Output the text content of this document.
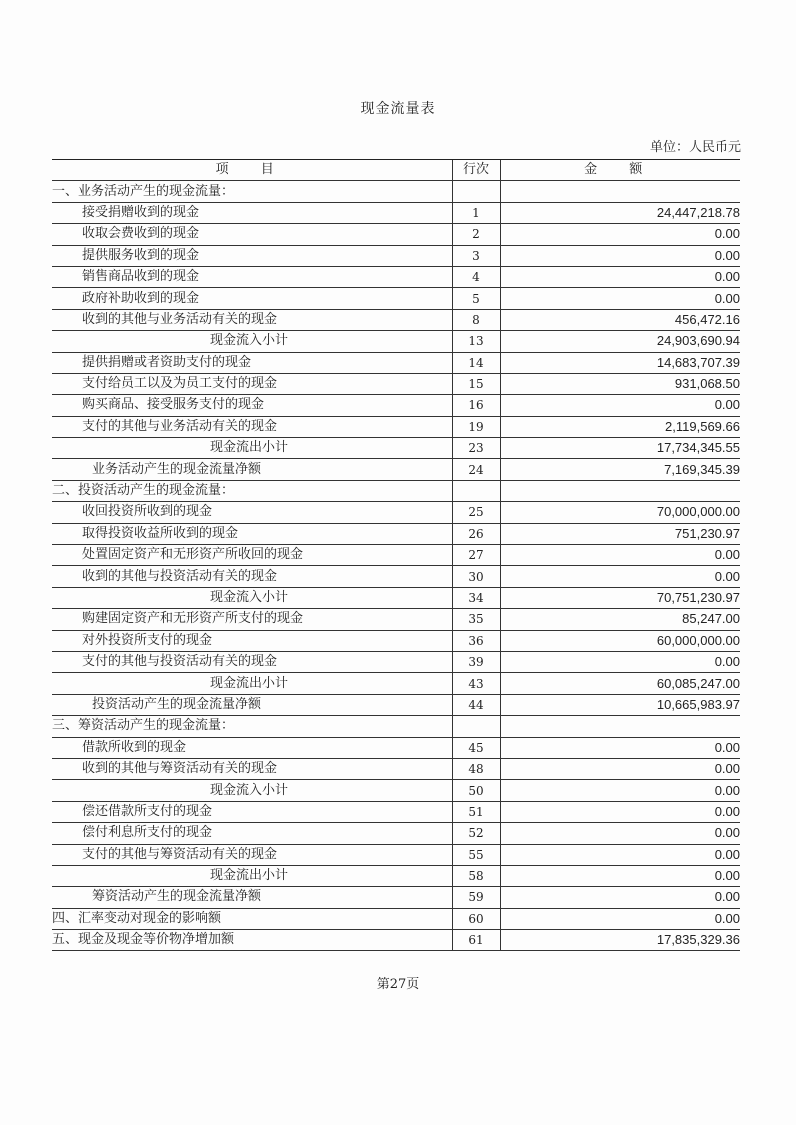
现金流量表
单位：人民币元
项 目	行次	金 额
一、业务活动产生的现金流量：		
接受捐赠收到的现金	1	24,447,218.78
收取会费收到的现金	2	0.00
提供服务收到的现金	3	0.00
销售商品收到的现金	4	0.00
政府补助收到的现金	5	0.00
收到的其他与业务活动有关的现金	8	456,472.16
现金流入小计	13	24,903,690.94
提供捐赠或者资助支付的现金	14	14,683,707.39
支付给员工以及为员工支付的现金	15	931,068.50
购买商品、接受服务支付的现金	16	0.00
支付的其他与业务活动有关的现金	19	2,119,569.66
现金流出小计	23	17,734,345.55
业务活动产生的现金流量净额	24	7,169,345.39
二、投资活动产生的现金流量：		
收回投资所收到的现金	25	70,000,000.00
取得投资收益所收到的现金	26	751,230.97
处置固定资产和无形资产所收回的现金	27	0.00
收到的其他与投资活动有关的现金	30	0.00
现金流入小计	34	70,751,230.97
购建固定资产和无形资产所支付的现金	35	85,247.00
对外投资所支付的现金	36	60,000,000.00
支付的其他与投资活动有关的现金	39	0.00
现金流出小计	43	60,085,247.00
投资活动产生的现金流量净额	44	10,665,983.97
三、筹资活动产生的现金流量：		
借款所收到的现金	45	0.00
收到的其他与筹资活动有关的现金	48	0.00
现金流入小计	50	0.00
偿还借款所支付的现金	51	0.00
偿付利息所支付的现金	52	0.00
支付的其他与筹资活动有关的现金	55	0.00
现金流出小计	58	0.00
筹资活动产生的现金流量净额	59	0.00
四、汇率变动对现金的影响额	60	0.00
五、现金及现金等价物净增加额	61	17,835,329.36
第27页
